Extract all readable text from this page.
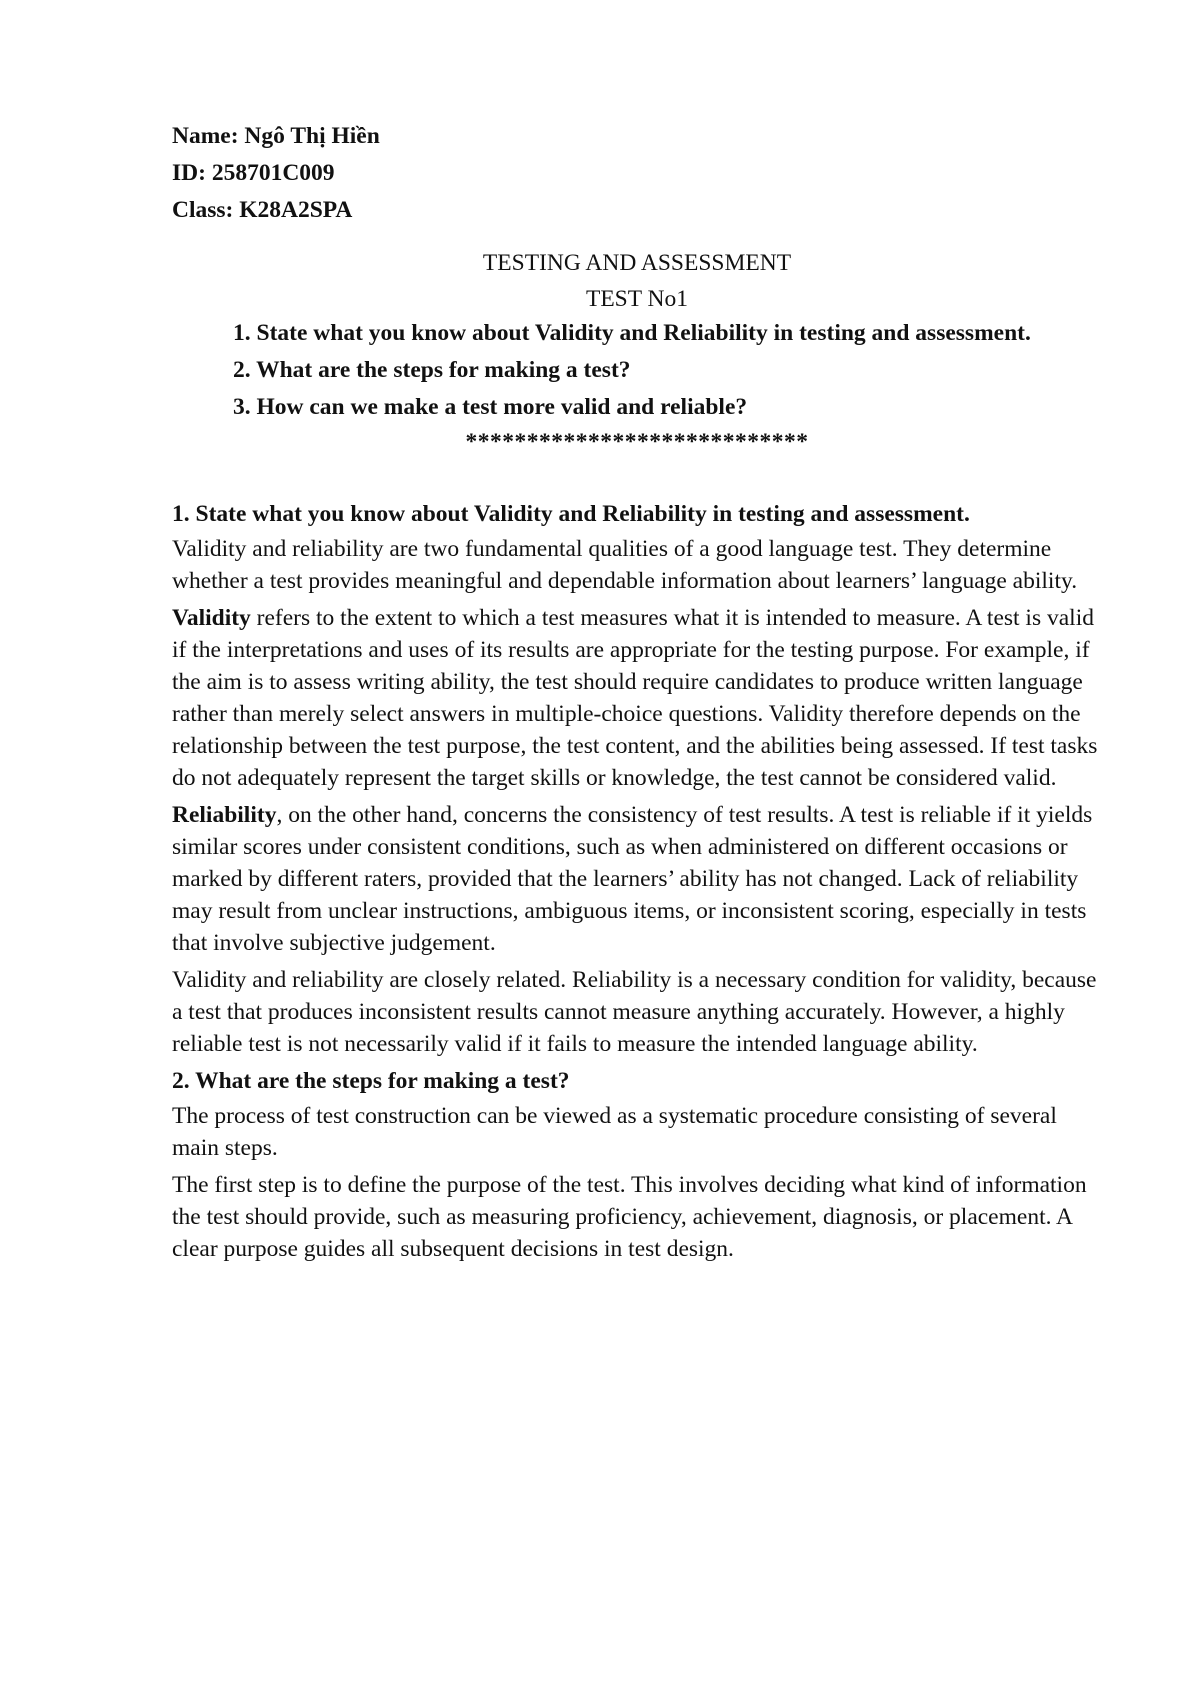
Name: Ngô Thị Hiền

ID: 258701C009

Class: K28A2SPA

TESTING AND ASSESSMENT

TEST No1

1. State what you know about Validity and Reliability in testing and assessment.

2. What are the steps for making a test?

3. How can we make a test more valid and reliable?

****************************

1. State what you know about Validity and Reliability in testing and assessment.

Validity and reliability are two fundamental qualities of a good language test. They determine whether a test provides meaningful and dependable information about learners’ language ability.

Validity refers to the extent to which a test measures what it is intended to measure. A test is valid if the interpretations and uses of its results are appropriate for the testing purpose. For example, if the aim is to assess writing ability, the test should require candidates to produce written language rather than merely select answers in multiple-choice questions. Validity therefore depends on the relationship between the test purpose, the test content, and the abilities being assessed. If test tasks do not adequately represent the target skills or knowledge, the test cannot be considered valid.

Reliability, on the other hand, concerns the consistency of test results. A test is reliable if it yields similar scores under consistent conditions, such as when administered on different occasions or marked by different raters, provided that the learners’ ability has not changed. Lack of reliability may result from unclear instructions, ambiguous items, or inconsistent scoring, especially in tests that involve subjective judgement.

Validity and reliability are closely related. Reliability is a necessary condition for validity, because a test that produces inconsistent results cannot measure anything accurately. However, a highly reliable test is not necessarily valid if it fails to measure the intended language ability.

2. What are the steps for making a test?

The process of test construction can be viewed as a systematic procedure consisting of several main steps.

The first step is to define the purpose of the test. This involves deciding what kind of information the test should provide, such as measuring proficiency, achievement, diagnosis, or placement. A clear purpose guides all subsequent decisions in test design.
